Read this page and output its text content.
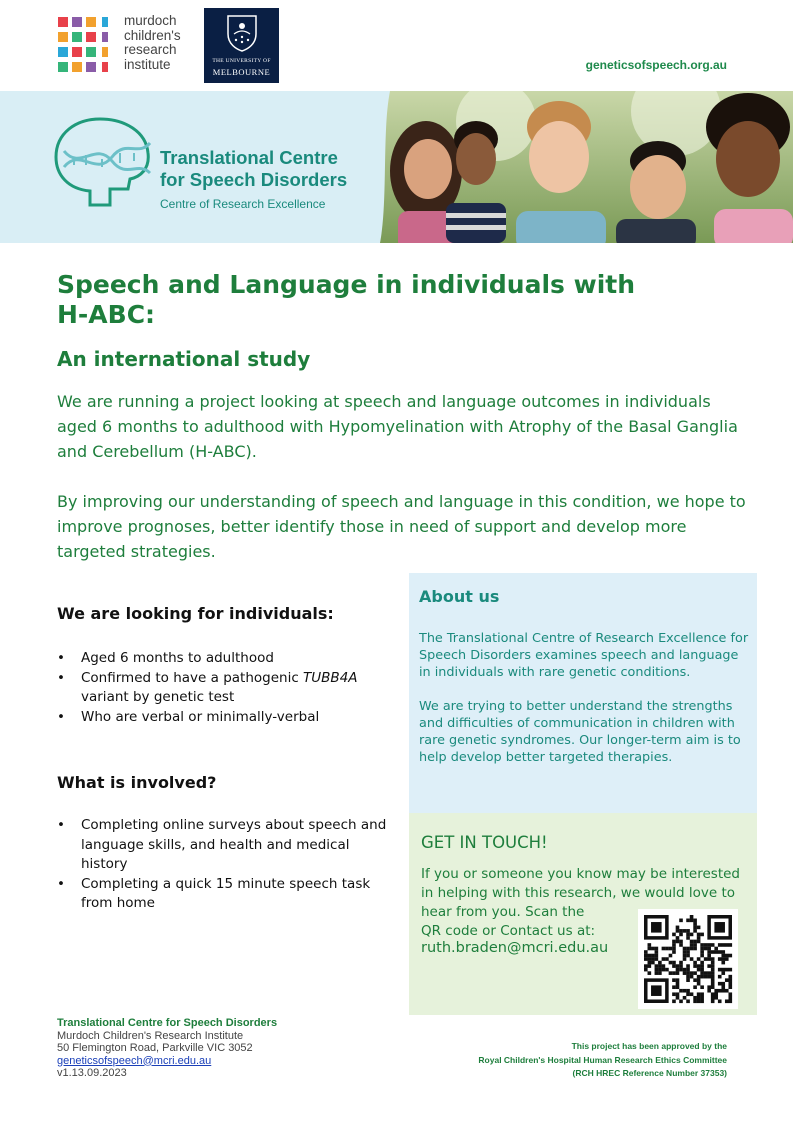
murdoch
children's
research
institute	THE UNIVERSITY OF
MELBOURNE	geneticsofspeech.org.au
Translational Centre
for Speech Disorders
Centre of Research Excellence
Speech and Language in individuals with
H-ABC:
An international study

We are running a project looking at speech and language outcomes in individuals aged 6 months to adulthood with Hypomyelination with Atrophy of the Basal Ganglia and Cerebellum (H-ABC).

By improving our understanding of speech and language in this condition, we hope to improve prognoses, better identify those in need of support and develop more targeted strategies.

We are looking for individuals:
• Aged 6 months to adulthood
• Confirmed to have a pathogenic TUBB4A variant by genetic test
• Who are verbal or minimally-verbal
What is involved?
• Completing online surveys about speech and language skills, and health and medical history
• Completing a quick 15 minute speech task from home
About us

The Translational Centre of Research Excellence for Speech Disorders examines speech and language in individuals with rare genetic conditions.

We are trying to better understand the strengths and difficulties of communication in children with rare genetic syndromes. Our longer-term aim is to help develop better targeted therapies.

GET IN TOUCH!
If you or someone you know may be interested
in helping with this research, we would love to
hear from you. Scan the
QR code or Contact us at:
ruth.braden@mcri.edu.au
Translational Centre for Speech Disorders
Murdoch Children's Research Institute
50 Flemington Road, Parkville VIC 3052
geneticsofspeech@mcri.edu.au
v1.13.09.2023
This project has been approved by the
Royal Children's Hospital Human Research Ethics Committee
(RCH HREC Reference Number 37353)
